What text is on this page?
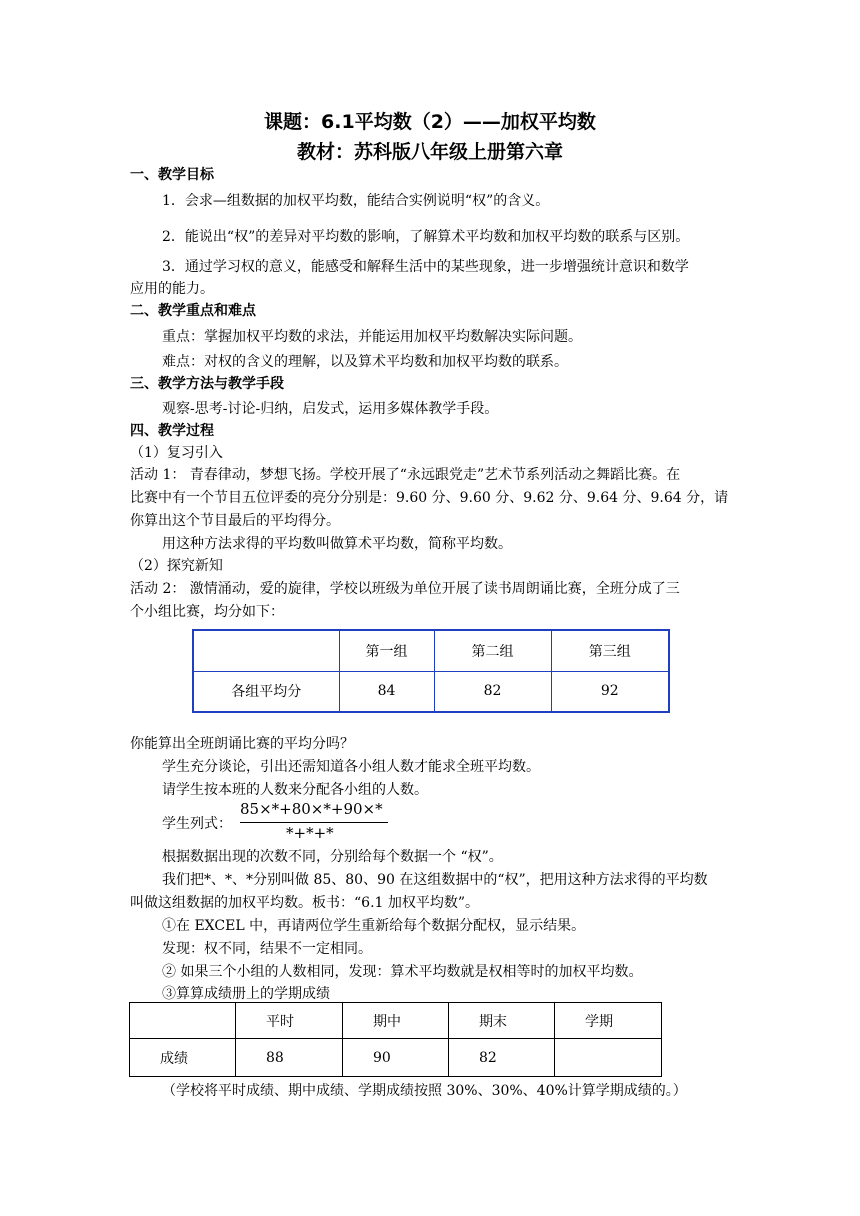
课题：6.1平均数（2）——加权平均数
教材：苏科版八年级上册第六章
一、教学目标
1．会求—组数据的加权平均数，能结合实例说明“权”的含义。
2．能说出“权”的差异对平均数的影响，了解算术平均数和加权平均数的联系与区别。
3．通过学习权的意义，能感受和解释生活中的某些现象，进一步增强统计意识和数学
应用的能力。
二、教学重点和难点
重点：掌握加权平均数的求法，并能运用加权平均数解决实际问题。
难点：对权的含义的理解，以及算术平均数和加权平均数的联系。
三、教学方法与教学手段
观察-思考-讨论-归纳，启发式，运用多媒体教学手段。
四、教学过程
（1）复习引入
活动 1： 青春律动，梦想飞扬。学校开展了“永远跟党走”艺术节系列活动之舞蹈比赛。在
比赛中有一个节目五位评委的亮分分别是：9.60 分、9.60 分、9.62 分、9.64 分、9.64 分，请
你算出这个节目最后的平均得分。
用这种方法求得的平均数叫做算术平均数，简称平均数。
（2）探究新知
活动 2： 激情涌动，爱的旋律，学校以班级为单位开展了读书周朗诵比赛，全班分成了三
个小组比赛，均分如下：
	第一组	第二组	第三组
各组平均分	84	82	92
你能算出全班朗诵比赛的平均分吗？
学生充分谈论，引出还需知道各小组人数才能求全班平均数。
请学生按本班的人数来分配各小组的人数。
学生列式：
85×*+80×*+90×*
*+*+*
根据数据出现的次数不同，分别给每个数据一个 “权”。
我们把*、*、*分别叫做 85、80、90 在这组数据中的“权”，把用这种方法求得的平均数
叫做这组数据的加权平均数。板书：“6.1 加权平均数”。
①在 EXCEL 中，再请两位学生重新给每个数据分配权，显示结果。
发现：权不同，结果不一定相同。
② 如果三个小组的人数相同，发现：算术平均数就是权相等时的加权平均数。
③算算成绩册上的学期成绩
	平时	期中	期末	学期
成绩	88	90	82	
（学校将平时成绩、期中成绩、学期成绩按照 30%、30%、40%计算学期成绩的。）
